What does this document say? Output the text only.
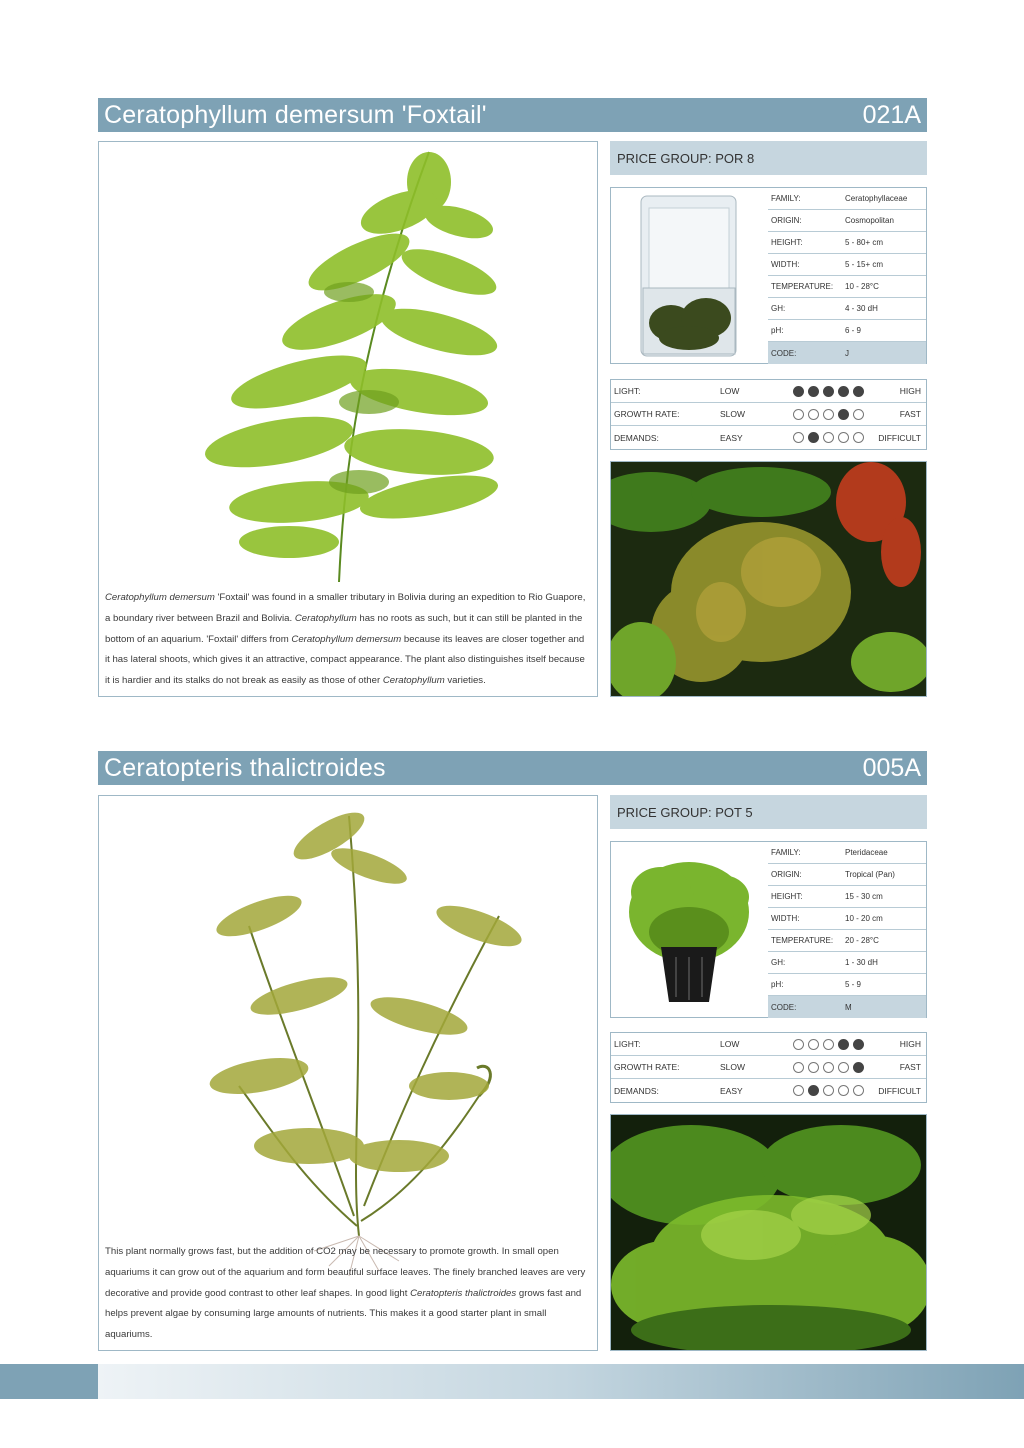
Ceratophyllum demersum 'Foxtail'	021A
Ceratophyllum demersum 'Foxtail' was found in a smaller tributary in Bolivia during an expedition to Rio Guapore, a boundary river between Brazil and Bolivia. Ceratophyllum has no roots as such, but it can still be planted in the bottom of an aquarium. 'Foxtail' differs from Ceratophyllum demersum because its leaves are closer together and it has lateral shoots, which gives it an attractive, compact appearance. The plant also distinguishes itself because it is hardier and its stalks do not break as easily as those of other Ceratophyllum varieties.
PRICE GROUP: POR 8
FAMILY:	Ceratophyllaceae
ORIGIN:	Cosmopolitan
HEIGHT:	5 - 80+ cm
WIDTH:	5 - 15+ cm
TEMPERATURE:	10 - 28°C
GH:	4 - 30 dH
pH:	6 - 9
CODE:	J
LIGHT:	LOW	HIGH
GROWTH RATE:	SLOW	FAST
DEMANDS:	EASY	DIFFICULT
Ceratopteris thalictroides	005A
This plant normally grows fast, but the addition of CO2 may be necessary to promote growth. In small open aquariums it can grow out of the aquarium and form beautiful surface leaves. The finely branched leaves are very decorative and provide good contrast to other leaf shapes. In good light Ceratopteris thalictroides grows fast and helps prevent algae by consuming large amounts of nutrients. This makes it a good starter plant in small aquariums.
PRICE GROUP: POT 5
FAMILY:	Pteridaceae
ORIGIN:	Tropical (Pan)
HEIGHT:	15 - 30 cm
WIDTH:	10 - 20 cm
TEMPERATURE:	20 - 28°C
GH:	1 - 30 dH
pH:	5 - 9
CODE:	M
LIGHT:	LOW	HIGH
GROWTH RATE:	SLOW	FAST
DEMANDS:	EASY	DIFFICULT
